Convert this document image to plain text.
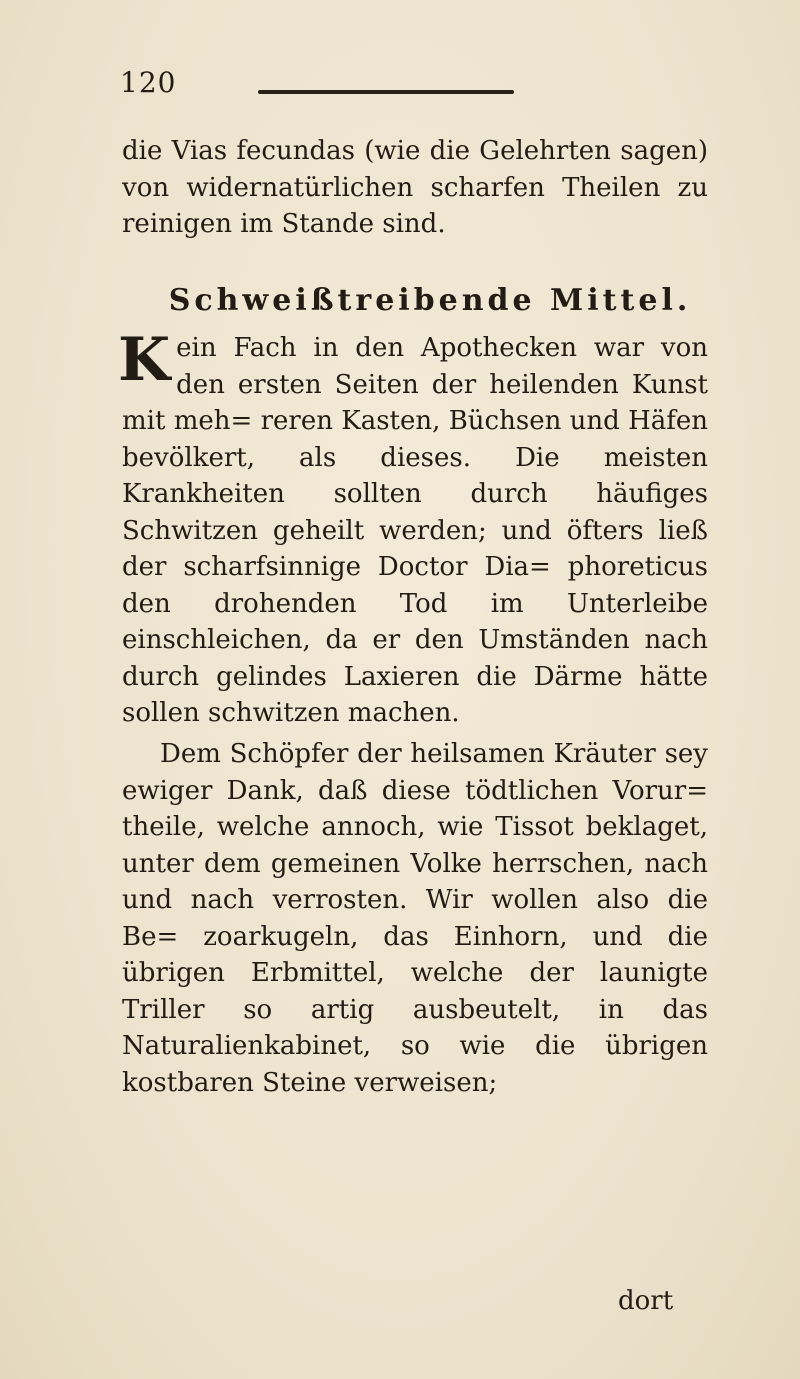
120

die Vias fecundas (wie die Gelehrten sagen) von widernatürlichen scharfen Theilen zu reinigen im Stande sind.

Schweißtreibende Mittel.

Kein Fach in den Apothecken war von den ersten Seiten der heilenden Kunst mit meh= reren Kasten, Büchsen und Häfen bevölkert, als dieses. Die meisten Krankheiten sollten durch häufiges Schwitzen geheilt werden; und öfters ließ der scharfsinnige Doctor Dia= phoreticus den drohenden Tod im Unterleibe einschleichen, da er den Umständen nach durch gelindes Laxieren die Därme hätte sollen schwitzen machen.

Dem Schöpfer der heilsamen Kräuter sey ewiger Dank, daß diese tödtlichen Vorur= theile, welche annoch, wie Tissot beklaget, unter dem gemeinen Volke herrschen, nach und nach verrosten. Wir wollen also die Be= zoarkugeln, das Einhorn, und die übrigen Erbmittel, welche der launigte Triller so artig ausbeutelt, in das Naturalienkabinet, so wie die übrigen kostbaren Steine verweisen;

dort
